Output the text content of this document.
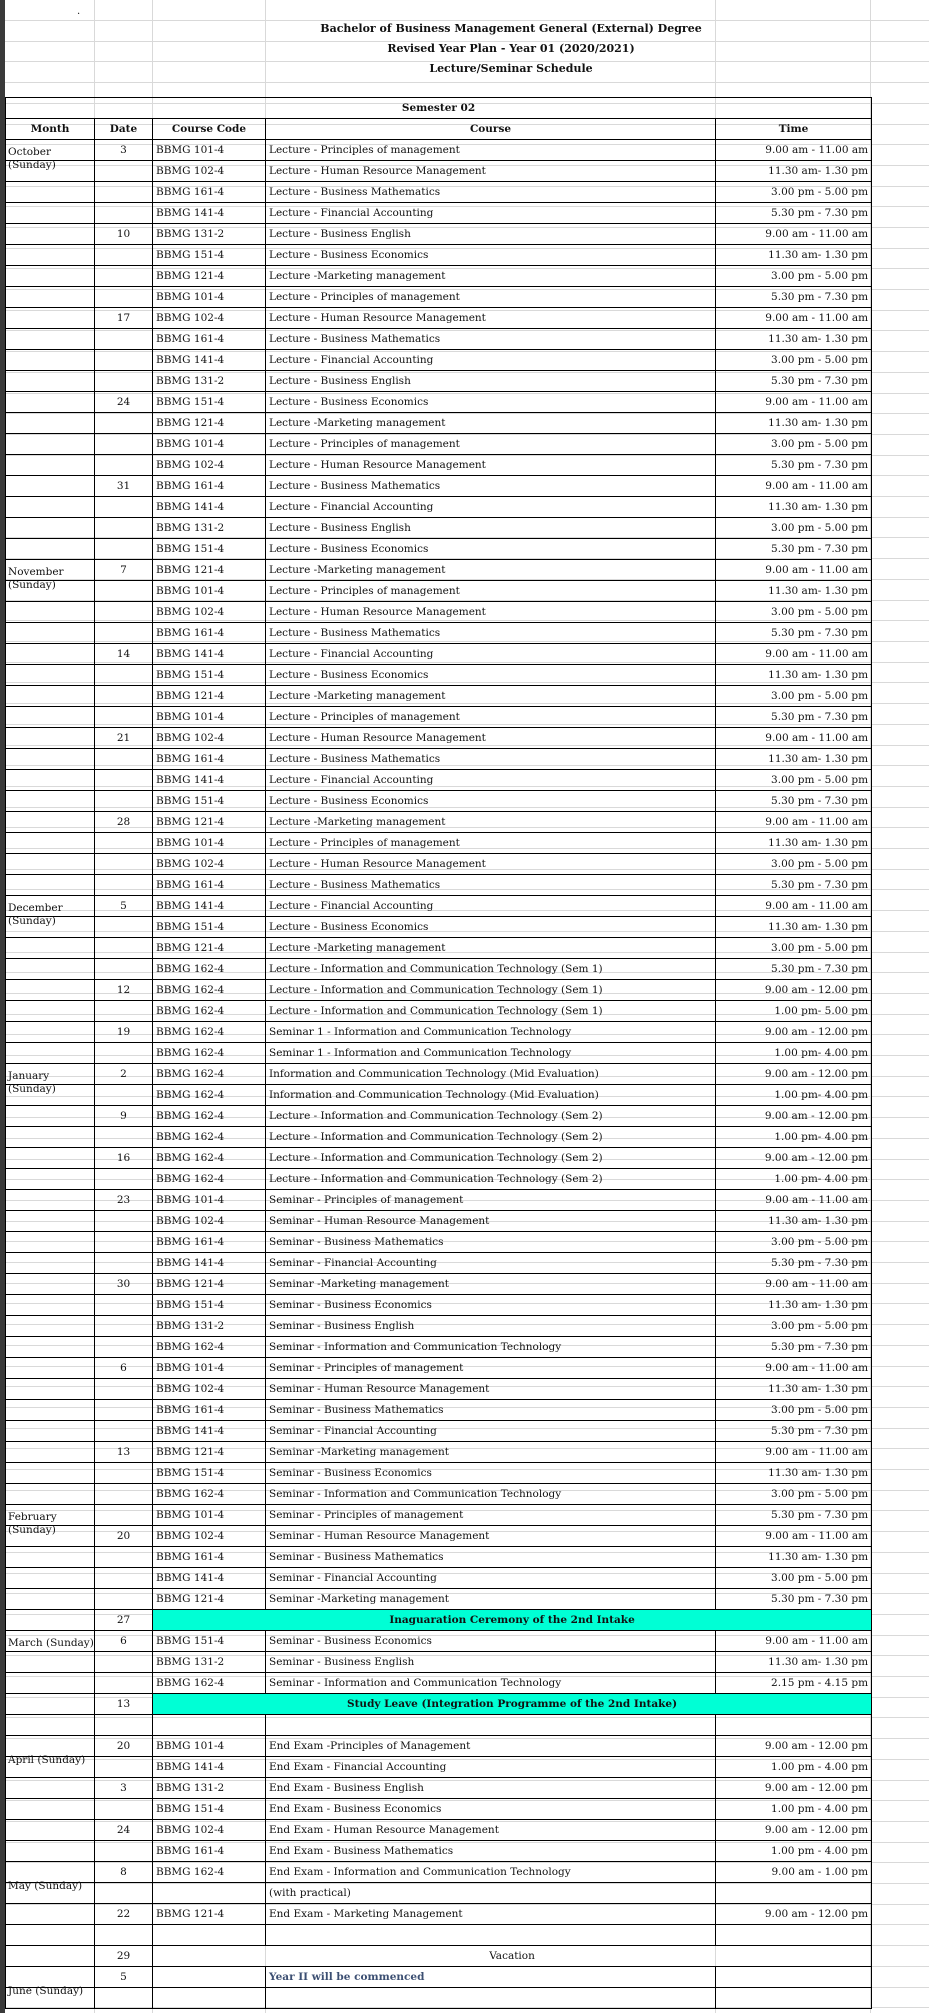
.
Bachelor of Business Management General (External) Degree
Revised Year Plan - Year 01 (2020/2021)
Lecture/Seminar Schedule
Semester 02				
Month	Date	Course Code	Course	Time

October (Sunday)	3	BBMG 101-4	Lecture - Principles of management	9.00 am - 11.00 am
		BBMG 102-4	Lecture - Human Resource Management	11.30 am- 1.30 pm
		BBMG 161-4	Lecture - Business Mathematics	3.00 pm - 5.00 pm
		BBMG 141-4	Lecture - Financial Accounting	5.30 pm - 7.30 pm
	10	BBMG 131-2	Lecture - Business English	9.00 am - 11.00 am
		BBMG 151-4	Lecture - Business Economics	11.30 am- 1.30 pm
		BBMG 121-4	Lecture -Marketing management	3.00 pm - 5.00 pm
		BBMG 101-4	Lecture - Principles of management	5.30 pm - 7.30 pm
	17	BBMG 102-4	Lecture - Human Resource Management	9.00 am - 11.00 am
		BBMG 161-4	Lecture - Business Mathematics	11.30 am- 1.30 pm
		BBMG 141-4	Lecture - Financial Accounting	3.00 pm - 5.00 pm
		BBMG 131-2	Lecture - Business English	5.30 pm - 7.30 pm
	24	BBMG 151-4	Lecture - Business Economics	9.00 am - 11.00 am
		BBMG 121-4	Lecture -Marketing management	11.30 am- 1.30 pm
		BBMG 101-4	Lecture - Principles of management	3.00 pm - 5.00 pm
		BBMG 102-4	Lecture - Human Resource Management	5.30 pm - 7.30 pm
	31	BBMG 161-4	Lecture - Business Mathematics	9.00 am - 11.00 am
		BBMG 141-4	Lecture - Financial Accounting	11.30 am- 1.30 pm
		BBMG 131-2	Lecture - Business English	3.00 pm - 5.00 pm
		BBMG 151-4	Lecture - Business Economics	5.30 pm - 7.30 pm

November (Sunday)	7	BBMG 121-4	Lecture -Marketing management	9.00 am - 11.00 am
		BBMG 101-4	Lecture - Principles of management	11.30 am- 1.30 pm
		BBMG 102-4	Lecture - Human Resource Management	3.00 pm - 5.00 pm
		BBMG 161-4	Lecture - Business Mathematics	5.30 pm - 7.30 pm
	14	BBMG 141-4	Lecture - Financial Accounting	9.00 am - 11.00 am
		BBMG 151-4	Lecture - Business Economics	11.30 am- 1.30 pm
		BBMG 121-4	Lecture -Marketing management	3.00 pm - 5.00 pm
		BBMG 101-4	Lecture - Principles of management	5.30 pm - 7.30 pm
	21	BBMG 102-4	Lecture - Human Resource Management	9.00 am - 11.00 am
		BBMG 161-4	Lecture - Business Mathematics	11.30 am- 1.30 pm
		BBMG 141-4	Lecture - Financial Accounting	3.00 pm - 5.00 pm
		BBMG 151-4	Lecture - Business Economics	5.30 pm - 7.30 pm
	28	BBMG 121-4	Lecture -Marketing management	9.00 am - 11.00 am
		BBMG 101-4	Lecture - Principles of management	11.30 am- 1.30 pm
		BBMG 102-4	Lecture - Human Resource Management	3.00 pm - 5.00 pm
		BBMG 161-4	Lecture - Business Mathematics	5.30 pm - 7.30 pm

December (Sunday)	5	BBMG 141-4	Lecture - Financial Accounting	9.00 am - 11.00 am
		BBMG 151-4	Lecture - Business Economics	11.30 am- 1.30 pm
		BBMG 121-4	Lecture -Marketing management	3.00 pm - 5.00 pm
		BBMG 162-4	Lecture - Information and Communication Technology (Sem 1)	5.30 pm - 7.30 pm
	12	BBMG 162-4	Lecture - Information and Communication Technology (Sem 1)	9.00 am - 12.00 pm
		BBMG 162-4	Lecture - Information and Communication Technology (Sem 1)	1.00 pm- 5.00 pm
	19	BBMG 162-4	Seminar 1 - Information and Communication Technology	9.00 am - 12.00 pm
		BBMG 162-4	Seminar 1 - Information and Communication Technology	1.00 pm- 4.00 pm

January (Sunday)	2	BBMG 162-4	Information and Communication Technology (Mid Evaluation)	9.00 am - 12.00 pm
		BBMG 162-4	Information and Communication Technology (Mid Evaluation)	1.00 pm- 4.00 pm
	9	BBMG 162-4	Lecture - Information and Communication Technology (Sem 2)	9.00 am - 12.00 pm
		BBMG 162-4	Lecture - Information and Communication Technology (Sem 2)	1.00 pm- 4.00 pm
	16	BBMG 162-4	Lecture - Information and Communication Technology (Sem 2)	9.00 am - 12.00 pm
		BBMG 162-4	Lecture - Information and Communication Technology (Sem 2)	1.00 pm- 4.00 pm
	23	BBMG 101-4	Seminar - Principles of management	9.00 am - 11.00 am
		BBMG 102-4	Seminar - Human Resource Management	11.30 am- 1.30 pm
		BBMG 161-4	Seminar - Business Mathematics	3.00 pm - 5.00 pm
		BBMG 141-4	Seminar - Financial Accounting	5.30 pm - 7.30 pm
	30	BBMG 121-4	Seminar -Marketing management	9.00 am - 11.00 am
		BBMG 151-4	Seminar - Business Economics	11.30 am- 1.30 pm
		BBMG 131-2	Seminar - Business English	3.00 pm - 5.00 pm
		BBMG 162-4	Seminar - Information and Communication Technology	5.30 pm - 7.30 pm
	6	BBMG 101-4	Seminar - Principles of management	9.00 am - 11.00 am
		BBMG 102-4	Seminar - Human Resource Management	11.30 am- 1.30 pm
		BBMG 161-4	Seminar - Business Mathematics	3.00 pm - 5.00 pm
		BBMG 141-4	Seminar - Financial Accounting	5.30 pm - 7.30 pm
	13	BBMG 121-4	Seminar -Marketing management	9.00 am - 11.00 am
		BBMG 151-4	Seminar - Business Economics	11.30 am- 1.30 pm
		BBMG 162-4	Seminar - Information and Communication Technology	3.00 pm - 5.00 pm

February (Sunday)		BBMG 101-4	Seminar - Principles of management	5.30 pm - 7.30 pm
	20	BBMG 102-4	Seminar - Human Resource Management	9.00 am - 11.00 am
		BBMG 161-4	Seminar - Business Mathematics	11.30 am- 1.30 pm
		BBMG 141-4	Seminar - Financial Accounting	3.00 pm - 5.00 pm
		BBMG 121-4	Seminar -Marketing management	5.30 pm - 7.30 pm
	27	Inaguaration Ceremony of the 2nd Intake		

March (Sunday)	6	BBMG 151-4	Seminar - Business Economics	9.00 am - 11.00 am
		BBMG 131-2	Seminar - Business English	11.30 am- 1.30 pm
		BBMG 162-4	Seminar - Information and Communication Technology	2.15 pm - 4.15 pm
	13	Study Leave (Integration Programme of the 2nd Intake)		

April (Sunday)	20	BBMG 101-4	End Exam -Principles of Management	9.00 am - 12.00 pm
		BBMG 141-4	End Exam - Financial Accounting	1.00 pm - 4.00 pm
	3	BBMG 131-2	End Exam - Business English	9.00 am - 12.00 pm
		BBMG 151-4	End Exam - Business Economics	1.00 pm - 4.00 pm
	24	BBMG 102-4	End Exam - Human Resource Management	9.00 am - 12.00 pm
		BBMG 161-4	End Exam - Business Mathematics	1.00 pm - 4.00 pm

May (Sunday)	8	BBMG 162-4	End Exam - Information and Communication Technology	9.00 am - 1.00 pm
			(with practical)	
	22	BBMG 121-4	End Exam - Marketing Management	9.00 am - 12.00 pm

	29	Vacation		

June (Sunday)	5		Year II will be commenced	
